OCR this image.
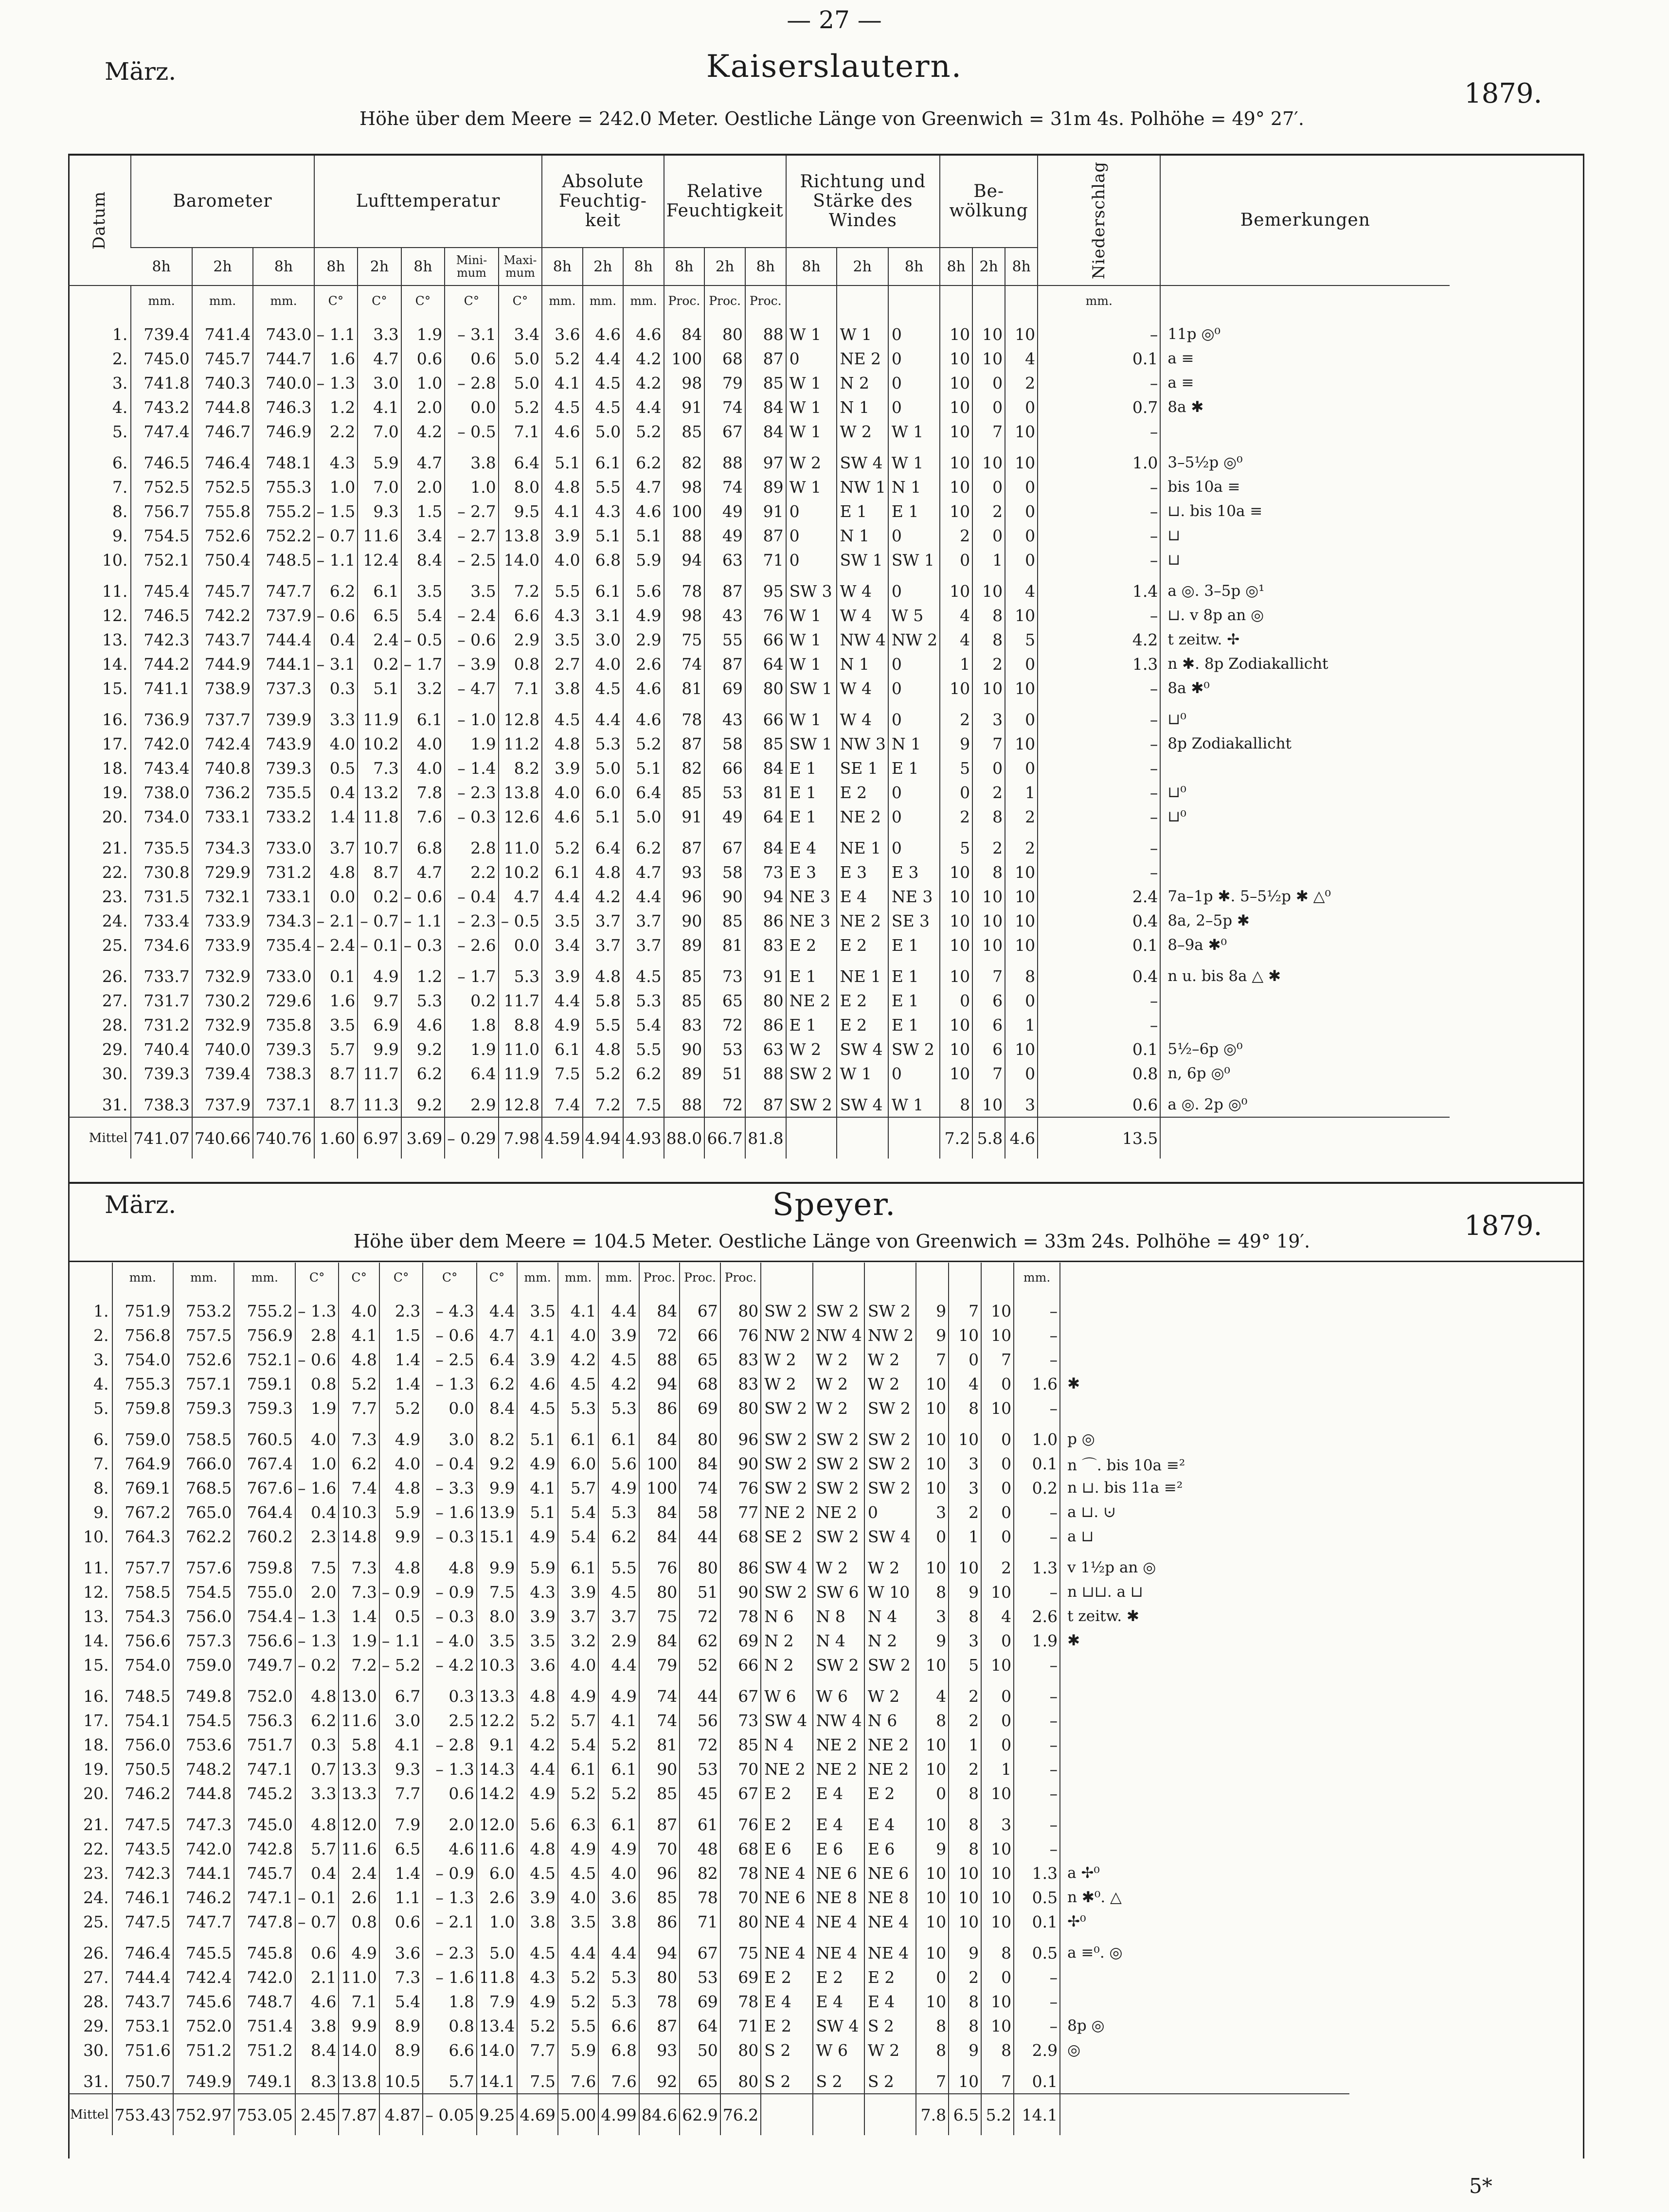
— 27 —
März.	Kaiserslautern.
1879.
Höhe über dem Meere = 242.0 Meter. Oestliche Länge von Greenwich = 31m 4s. Polhöhe = 49° 27′.
Datum	Barometer			Lufttemperatur					Absolute Feuchtig-keit			Relative Feuchtigkeit			Richtung und Stärke des Windes			Be-wölkung			Niederschlag	Bemerkungen
	8h	2h	8h	8h	2h	8h	Mini-mum	Maxi-mum	8h	2h	8h	8h	2h	8h	8h	2h	8h	8h	2h	8h		
	mm.	mm.	mm.	C°	C°	C°	C°	C°	mm.	mm.	mm.	Proc.	Proc.	Proc.							mm.	
1.	739.4	741.4	743.0	– 1.1	3.3	1.9	– 3.1	3.4	3.6	4.6	4.6	84	80	88	W 1	W 1	0	10	10	10	–	11p ◎⁰
2.	745.0	745.7	744.7	1.6	4.7	0.6	0.6	5.0	5.2	4.4	4.2	100	68	87	0	NE 2	0	10	10	4	0.1	a ≡
3.	741.8	740.3	740.0	– 1.3	3.0	1.0	– 2.8	5.0	4.1	4.5	4.2	98	79	85	W 1	N 2	0	10	0	2	–	a ≡
4.	743.2	744.8	746.3	1.2	4.1	2.0	0.0	5.2	4.5	4.5	4.4	91	74	84	W 1	N 1	0	10	0	0	0.7	8a ✱
5.	747.4	746.7	746.9	2.2	7.0	4.2	– 0.5	7.1	4.6	5.0	5.2	85	67	84	W 1	W 2	W 1	10	7	10	–	
6.	746.5	746.4	748.1	4.3	5.9	4.7	3.8	6.4	5.1	6.1	6.2	82	88	97	W 2	SW 4	W 1	10	10	10	1.0	3–5½p ◎⁰
7.	752.5	752.5	755.3	1.0	7.0	2.0	1.0	8.0	4.8	5.5	4.7	98	74	89	W 1	NW 1	N 1	10	0	0	–	bis 10a ≡
8.	756.7	755.8	755.2	– 1.5	9.3	1.5	– 2.7	9.5	4.1	4.3	4.6	100	49	91	0	E 1	E 1	10	2	0	–	⊔. bis 10a ≡
9.	754.5	752.6	752.2	– 0.7	11.6	3.4	– 2.7	13.8	3.9	5.1	5.1	88	49	87	0	N 1	0	2	0	0	–	⊔
10.	752.1	750.4	748.5	– 1.1	12.4	8.4	– 2.5	14.0	4.0	6.8	5.9	94	63	71	0	SW 1	SW 1	0	1	0	–	⊔
11.	745.4	745.7	747.7	6.2	6.1	3.5	3.5	7.2	5.5	6.1	5.6	78	87	95	SW 3	W 4	0	10	10	4	1.4	a ◎. 3–5p ◎¹
12.	746.5	742.2	737.9	– 0.6	6.5	5.4	– 2.4	6.6	4.3	3.1	4.9	98	43	76	W 1	W 4	W 5	4	8	10	–	⊔. v 8p an ◎
13.	742.3	743.7	744.4	0.4	2.4	– 0.5	– 0.6	2.9	3.5	3.0	2.9	75	55	66	W 1	NW 4	NW 2	4	8	5	4.2	t zeitw. ✢
14.	744.2	744.9	744.1	– 3.1	0.2	– 1.7	– 3.9	0.8	2.7	4.0	2.6	74	87	64	W 1	N 1	0	1	2	0	1.3	n ✱. 8p Zodiakallicht
15.	741.1	738.9	737.3	0.3	5.1	3.2	– 4.7	7.1	3.8	4.5	4.6	81	69	80	SW 1	W 4	0	10	10	10	–	8a ✱⁰
16.	736.9	737.7	739.9	3.3	11.9	6.1	– 1.0	12.8	4.5	4.4	4.6	78	43	66	W 1	W 4	0	2	3	0	–	⊔⁰
17.	742.0	742.4	743.9	4.0	10.2	4.0	1.9	11.2	4.8	5.3	5.2	87	58	85	SW 1	NW 3	N 1	9	7	10	–	8p Zodiakallicht
18.	743.4	740.8	739.3	0.5	7.3	4.0	– 1.4	8.2	3.9	5.0	5.1	82	66	84	E 1	SE 1	E 1	5	0	0	–	
19.	738.0	736.2	735.5	0.4	13.2	7.8	– 2.3	13.8	4.0	6.0	6.4	85	53	81	E 1	E 2	0	0	2	1	–	⊔⁰
20.	734.0	733.1	733.2	1.4	11.8	7.6	– 0.3	12.6	4.6	5.1	5.0	91	49	64	E 1	NE 2	0	2	8	2	–	⊔⁰
21.	735.5	734.3	733.0	3.7	10.7	6.8	2.8	11.0	5.2	6.4	6.2	87	67	84	E 4	NE 1	0	5	2	2	–	
22.	730.8	729.9	731.2	4.8	8.7	4.7	2.2	10.2	6.1	4.8	4.7	93	58	73	E 3	E 3	E 3	10	8	10	–	
23.	731.5	732.1	733.1	0.0	0.2	– 0.6	– 0.4	4.7	4.4	4.2	4.4	96	90	94	NE 3	E 4	NE 3	10	10	10	2.4	7a–1p ✱. 5–5½p ✱ △⁰
24.	733.4	733.9	734.3	– 2.1	– 0.7	– 1.1	– 2.3	– 0.5	3.5	3.7	3.7	90	85	86	NE 3	NE 2	SE 3	10	10	10	0.4	8a, 2–5p ✱
25.	734.6	733.9	735.4	– 2.4	– 0.1	– 0.3	– 2.6	0.0	3.4	3.7	3.7	89	81	83	E 2	E 2	E 1	10	10	10	0.1	8–9a ✱⁰
26.	733.7	732.9	733.0	0.1	4.9	1.2	– 1.7	5.3	3.9	4.8	4.5	85	73	91	E 1	NE 1	E 1	10	7	8	0.4	n u. bis 8a △ ✱
27.	731.7	730.2	729.6	1.6	9.7	5.3	0.2	11.7	4.4	5.8	5.3	85	65	80	NE 2	E 2	E 1	0	6	0	–	
28.	731.2	732.9	735.8	3.5	6.9	4.6	1.8	8.8	4.9	5.5	5.4	83	72	86	E 1	E 2	E 1	10	6	1	–	
29.	740.4	740.0	739.3	5.7	9.9	9.2	1.9	11.0	6.1	4.8	5.5	90	53	63	W 2	SW 4	SW 2	10	6	10	0.1	5½–6p ◎⁰
30.	739.3	739.4	738.3	8.7	11.7	6.2	6.4	11.9	7.5	5.2	6.2	89	51	88	SW 2	W 1	0	10	7	0	0.8	n, 6p ◎⁰
31.	738.3	737.9	737.1	8.7	11.3	9.2	2.9	12.8	7.4	7.2	7.5	88	72	87	SW 2	SW 4	W 1	8	10	3	0.6	a ◎. 2p ◎⁰
Mittel	741.07	740.66	740.76	1.60	6.97	3.69	– 0.29	7.98	4.59	4.94	4.93	88.0	66.7	81.8				7.2	5.8	4.6	13.5	
März.	Speyer.
1879.
Höhe über dem Meere = 104.5 Meter. Oestliche Länge von Greenwich = 33m 24s. Polhöhe = 49° 19′.
	mm.	mm.	mm.	C°	C°	C°	C°	C°	mm.	mm.	mm.	Proc.	Proc.	Proc.							mm.	
1.	751.9	753.2	755.2	– 1.3	4.0	2.3	– 4.3	4.4	3.5	4.1	4.4	84	67	80	SW 2	SW 2	SW 2	9	7	10	–	
2.	756.8	757.5	756.9	2.8	4.1	1.5	– 0.6	4.7	4.1	4.0	3.9	72	66	76	NW 2	NW 4	NW 2	9	10	10	–	
3.	754.0	752.6	752.1	– 0.6	4.8	1.4	– 2.5	6.4	3.9	4.2	4.5	88	65	83	W 2	W 2	W 2	7	0	7	–	
4.	755.3	757.1	759.1	0.8	5.2	1.4	– 1.3	6.2	4.6	4.5	4.2	94	68	83	W 2	W 2	W 2	10	4	0	1.6	✱
5.	759.8	759.3	759.3	1.9	7.7	5.2	0.0	8.4	4.5	5.3	5.3	86	69	80	SW 2	W 2	SW 2	10	8	10	–	
6.	759.0	758.5	760.5	4.0	7.3	4.9	3.0	8.2	5.1	6.1	6.1	84	80	96	SW 2	SW 2	SW 2	10	10	0	1.0	p ◎
7.	764.9	766.0	767.4	1.0	6.2	4.0	– 0.4	9.2	4.9	6.0	5.6	100	84	90	SW 2	SW 2	SW 2	10	3	0	0.1	n ⌒. bis 10a ≡²
8.	769.1	768.5	767.6	– 1.6	7.4	4.8	– 3.3	9.9	4.1	5.7	4.9	100	74	76	SW 2	SW 2	SW 2	10	3	0	0.2	n ⊔. bis 11a ≡²
9.	767.2	765.0	764.4	0.4	10.3	5.9	– 1.6	13.9	5.1	5.4	5.3	84	58	77	NE 2	NE 2	0	3	2	0	–	a ⊔. ⊍
10.	764.3	762.2	760.2	2.3	14.8	9.9	– 0.3	15.1	4.9	5.4	6.2	84	44	68	SE 2	SW 2	SW 4	0	1	0	–	a ⊔
11.	757.7	757.6	759.8	7.5	7.3	4.8	4.8	9.9	5.9	6.1	5.5	76	80	86	SW 4	W 2	W 2	10	10	2	1.3	v 1½p an ◎
12.	758.5	754.5	755.0	2.0	7.3	– 0.9	– 0.9	7.5	4.3	3.9	4.5	80	51	90	SW 2	SW 6	W 10	8	9	10	–	n ⊔⊔. a ⊔
13.	754.3	756.0	754.4	– 1.3	1.4	0.5	– 0.3	8.0	3.9	3.7	3.7	75	72	78	N 6	N 8	N 4	3	8	4	2.6	t zeitw. ✱
14.	756.6	757.3	756.6	– 1.3	1.9	– 1.1	– 4.0	3.5	3.5	3.2	2.9	84	62	69	N 2	N 4	N 2	9	3	0	1.9	✱
15.	754.0	759.0	749.7	– 0.2	7.2	– 5.2	– 4.2	10.3	3.6	4.0	4.4	79	52	66	N 2	SW 2	SW 2	10	5	10	–	
16.	748.5	749.8	752.0	4.8	13.0	6.7	0.3	13.3	4.8	4.9	4.9	74	44	67	W 6	W 6	W 2	4	2	0	–	
17.	754.1	754.5	756.3	6.2	11.6	3.0	2.5	12.2	5.2	5.7	4.1	74	56	73	SW 4	NW 4	N 6	8	2	0	–	
18.	756.0	753.6	751.7	0.3	5.8	4.1	– 2.8	9.1	4.2	5.4	5.2	81	72	85	N 4	NE 2	NE 2	10	1	0	–	
19.	750.5	748.2	747.1	0.7	13.3	9.3	– 1.3	14.3	4.4	6.1	6.1	90	53	70	NE 2	NE 2	NE 2	10	2	1	–	
20.	746.2	744.8	745.2	3.3	13.3	7.7	0.6	14.2	4.9	5.2	5.2	85	45	67	E 2	E 4	E 2	0	8	10	–	
21.	747.5	747.3	745.0	4.8	12.0	7.9	2.0	12.0	5.6	6.3	6.1	87	61	76	E 2	E 4	E 4	10	8	3	–	
22.	743.5	742.0	742.8	5.7	11.6	6.5	4.6	11.6	4.8	4.9	4.9	70	48	68	E 6	E 6	E 6	9	8	10	–	
23.	742.3	744.1	745.7	0.4	2.4	1.4	– 0.9	6.0	4.5	4.5	4.0	96	82	78	NE 4	NE 6	NE 6	10	10	10	1.3	a ✢⁰
24.	746.1	746.2	747.1	– 0.1	2.6	1.1	– 1.3	2.6	3.9	4.0	3.6	85	78	70	NE 6	NE 8	NE 8	10	10	10	0.5	n ✱⁰. △
25.	747.5	747.7	747.8	– 0.7	0.8	0.6	– 2.1	1.0	3.8	3.5	3.8	86	71	80	NE 4	NE 4	NE 4	10	10	10	0.1	✢⁰
26.	746.4	745.5	745.8	0.6	4.9	3.6	– 2.3	5.0	4.5	4.4	4.4	94	67	75	NE 4	NE 4	NE 4	10	9	8	0.5	a ≡⁰. ◎
27.	744.4	742.4	742.0	2.1	11.0	7.3	– 1.6	11.8	4.3	5.2	5.3	80	53	69	E 2	E 2	E 2	0	2	0	–	
28.	743.7	745.6	748.7	4.6	7.1	5.4	1.8	7.9	4.9	5.2	5.3	78	69	78	E 4	E 4	E 4	10	8	10	–	
29.	753.1	752.0	751.4	3.8	9.9	8.9	0.8	13.4	5.2	5.5	6.6	87	64	71	E 2	SW 4	S 2	8	8	10	–	8p ◎
30.	751.6	751.2	751.2	8.4	14.0	8.9	6.6	14.0	7.7	5.9	6.8	93	50	80	S 2	W 6	W 2	8	9	8	2.9	◎
31.	750.7	749.9	749.1	8.3	13.8	10.5	5.7	14.1	7.5	7.6	7.6	92	65	80	S 2	S 2	S 2	7	10	7	0.1	
Mittel	753.43	752.97	753.05	2.45	7.87	4.87	– 0.05	9.25	4.69	5.00	4.99	84.6	62.9	76.2				7.8	6.5	5.2	14.1	
5*
